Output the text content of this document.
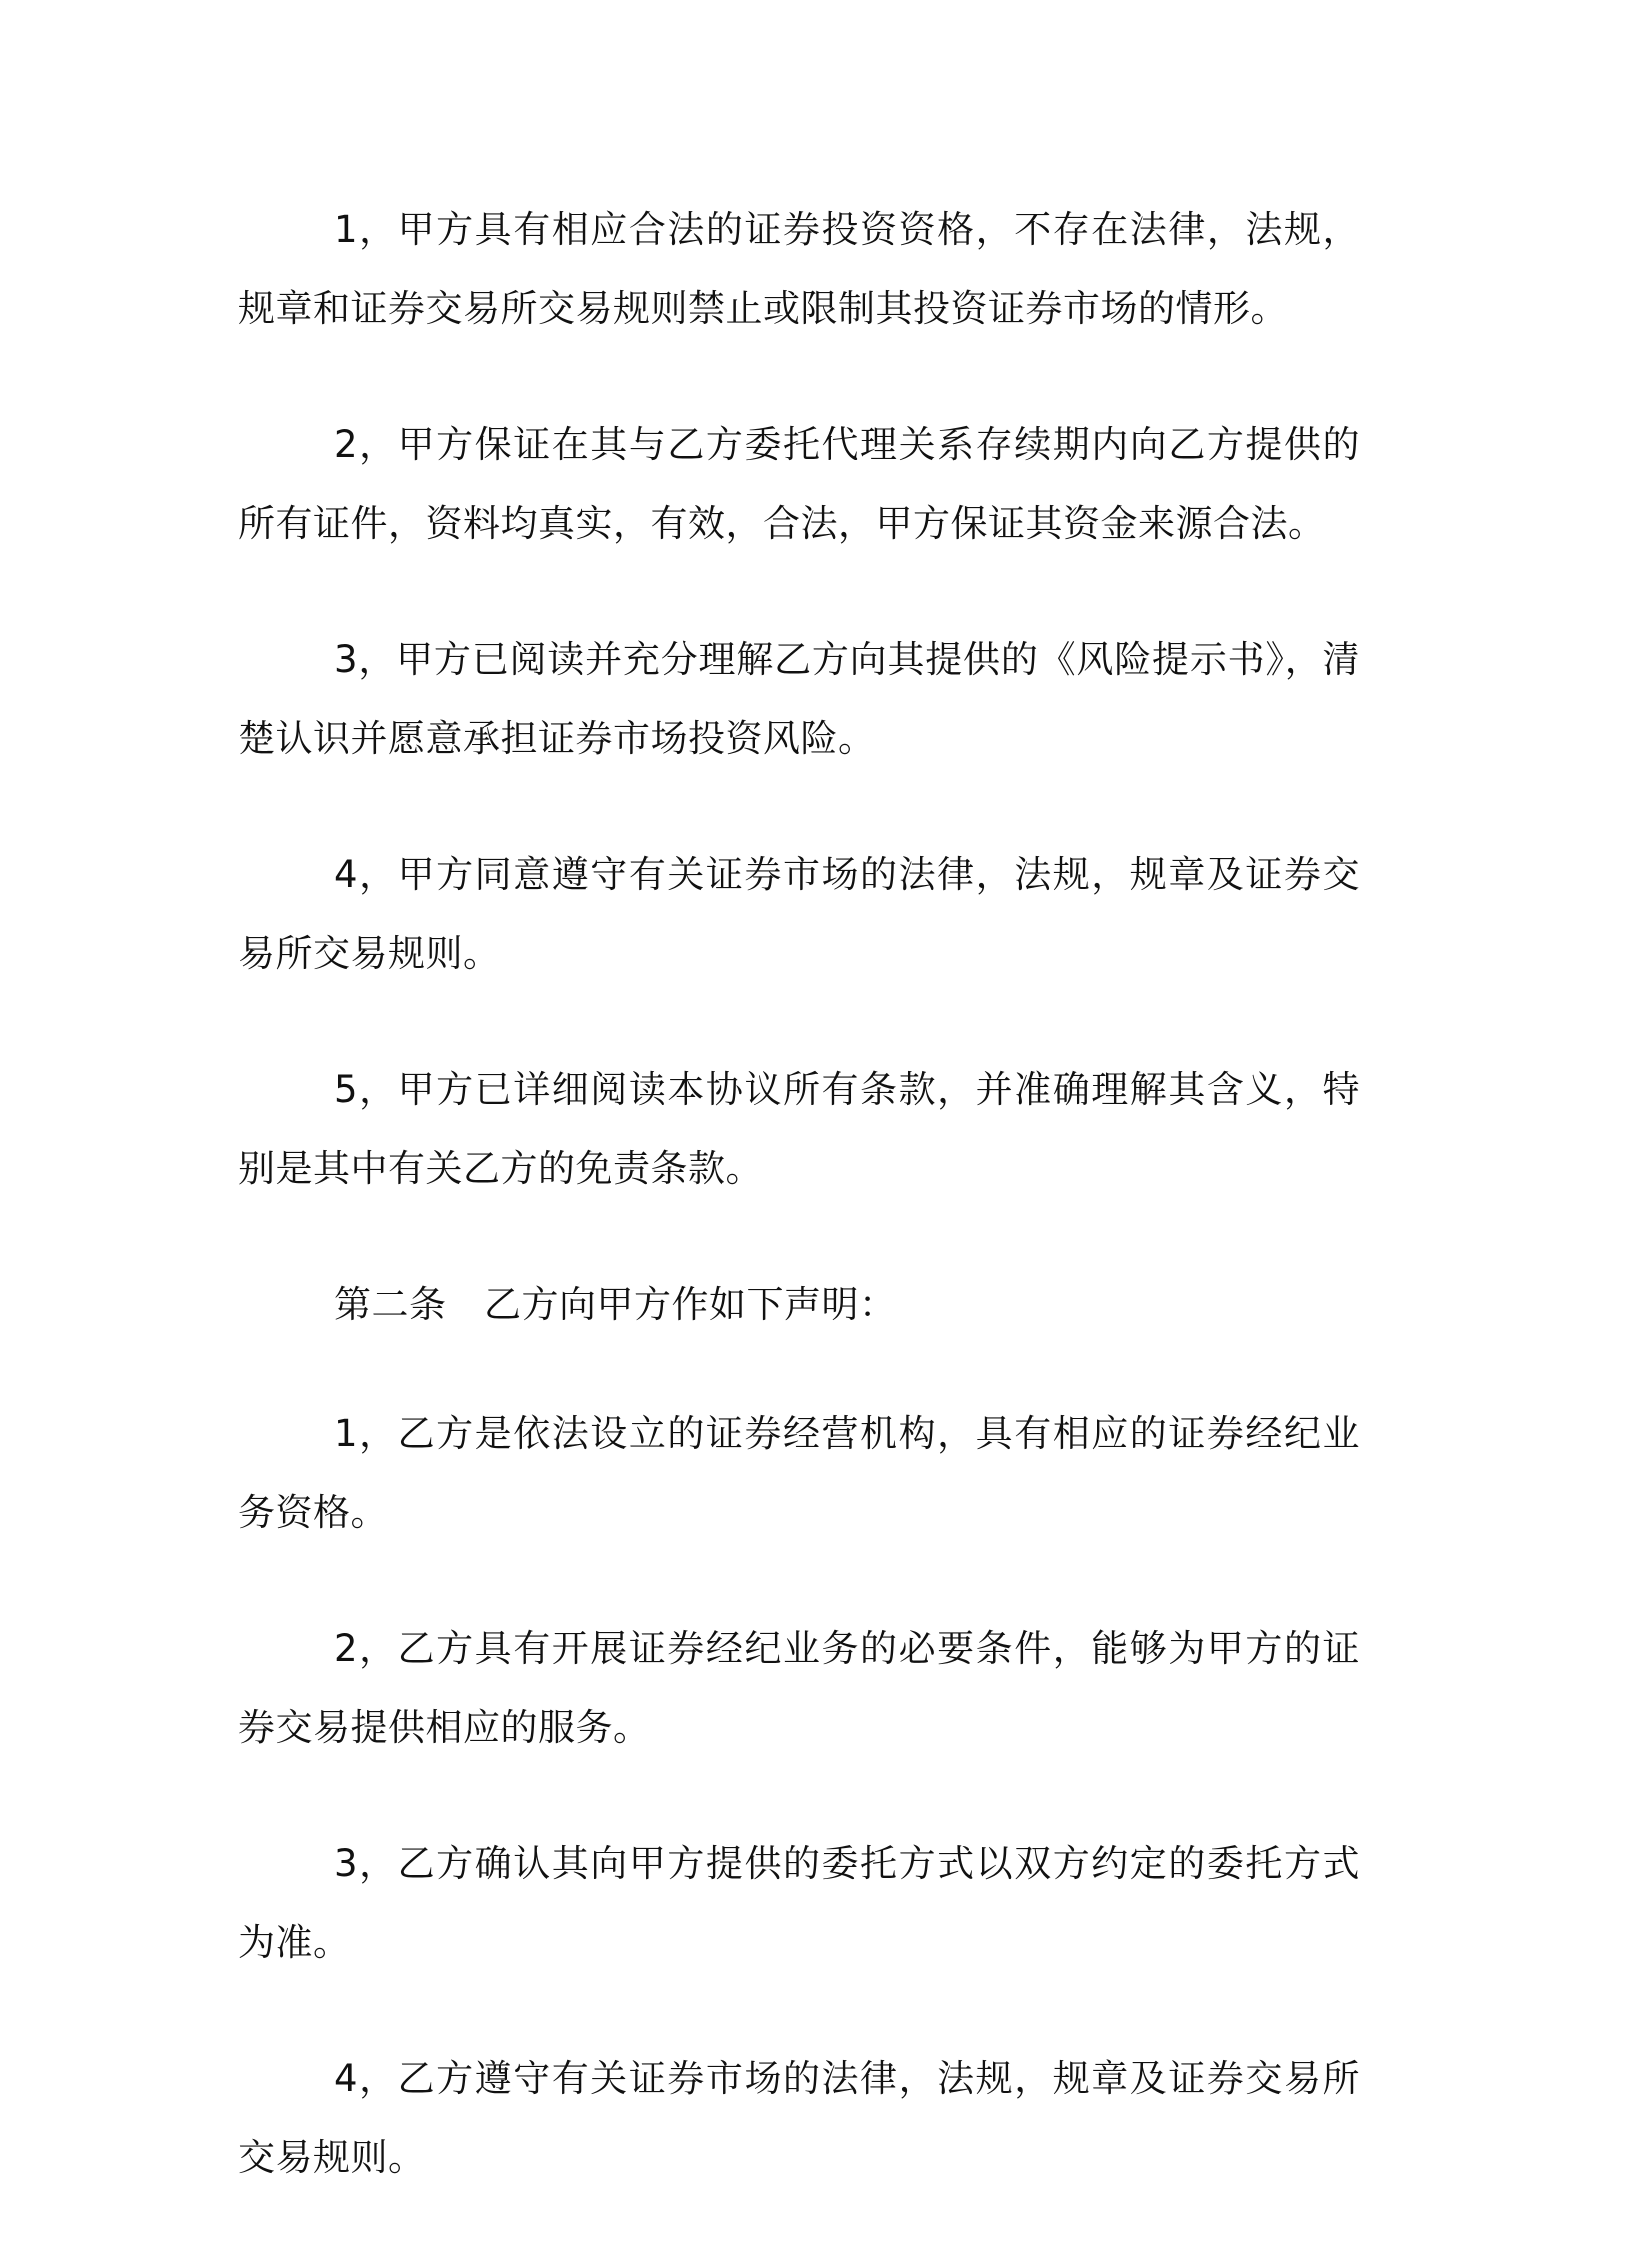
1，甲方具有相应合法的证券投资资格，不存在法律，法规，规章和证券交易所交易规则禁止或限制其投资证券市场的情形。

2，甲方保证在其与乙方委托代理关系存续期内向乙方提供的所有证件，资料均真实，有效，合法，甲方保证其资金来源合法。

3，甲方已阅读并充分理解乙方向其提供的《风险提示书》，清楚认识并愿意承担证券市场投资风险。

4，甲方同意遵守有关证券市场的法律，法规，规章及证券交易所交易规则。

5，甲方已详细阅读本协议所有条款，并准确理解其含义，特别是其中有关乙方的免责条款。

第二条　乙方向甲方作如下声明：

1，乙方是依法设立的证券经营机构，具有相应的证券经纪业务资格。

2，乙方具有开展证券经纪业务的必要条件，能够为甲方的证券交易提供相应的服务。

3，乙方确认其向甲方提供的委托方式以双方约定的委托方式为准。

4，乙方遵守有关证券市场的法律，法规，规章及证券交易所交易规则。
